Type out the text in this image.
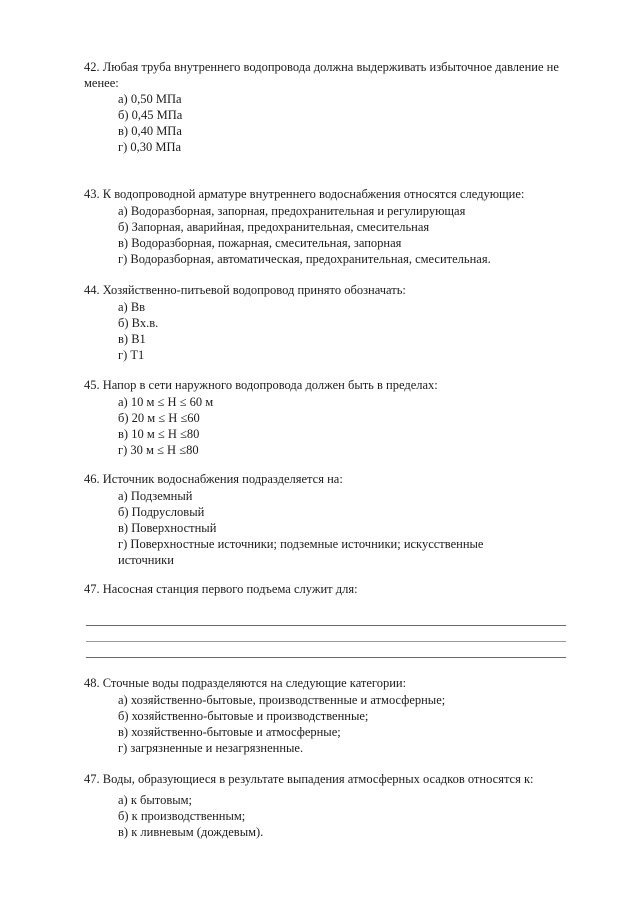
42. Любая труба внутреннего водопровода должна выдерживать избыточное давление не менее:

а) 0,50 МПа
б) 0,45 МПа
в) 0,40 МПа
г) 0,30 МПа

43. К водопроводной арматуре внутреннего водоснабжения относятся следующие:

а) Водоразборная, запорная, предохранительная и регулирующая
б) Запорная, аварийная, предохранительная, смесительная
в) Водоразборная, пожарная, смесительная, запорная
г) Водоразборная, автоматическая, предохранительная, смесительная.

44. Хозяйственно-питьевой водопровод принято обозначать:

а) Вв
б) Вх.в.
в) В1
г) Т1

45. Напор в сети наружного водопровода должен быть в пределах:

а) 10 м ≤ Н ≤ 60 м
б) 20 м ≤ Н ≤60
в) 10 м ≤ Н ≤80
г) 30 м ≤ Н ≤80

46. Источник водоснабжения подразделяется на:

а) Подземный
б) Подрусловый
в) Поверхностный
г) Поверхностные источники; подземные источники; искусственные источники

47. Насосная станция первого подъема служит для:

48. Сточные воды подразделяются на следующие категории:

а) хозяйственно-бытовые, производственные и атмосферные;
б) хозяйственно-бытовые и производственные;
в) хозяйственно-бытовые и атмосферные;
г) загрязненные и незагрязненные.

47. Воды, образующиеся в результате выпадения атмосферных осадков относятся к:

а) к бытовым;
б) к производственным;
в) к ливневым (дождевым).
